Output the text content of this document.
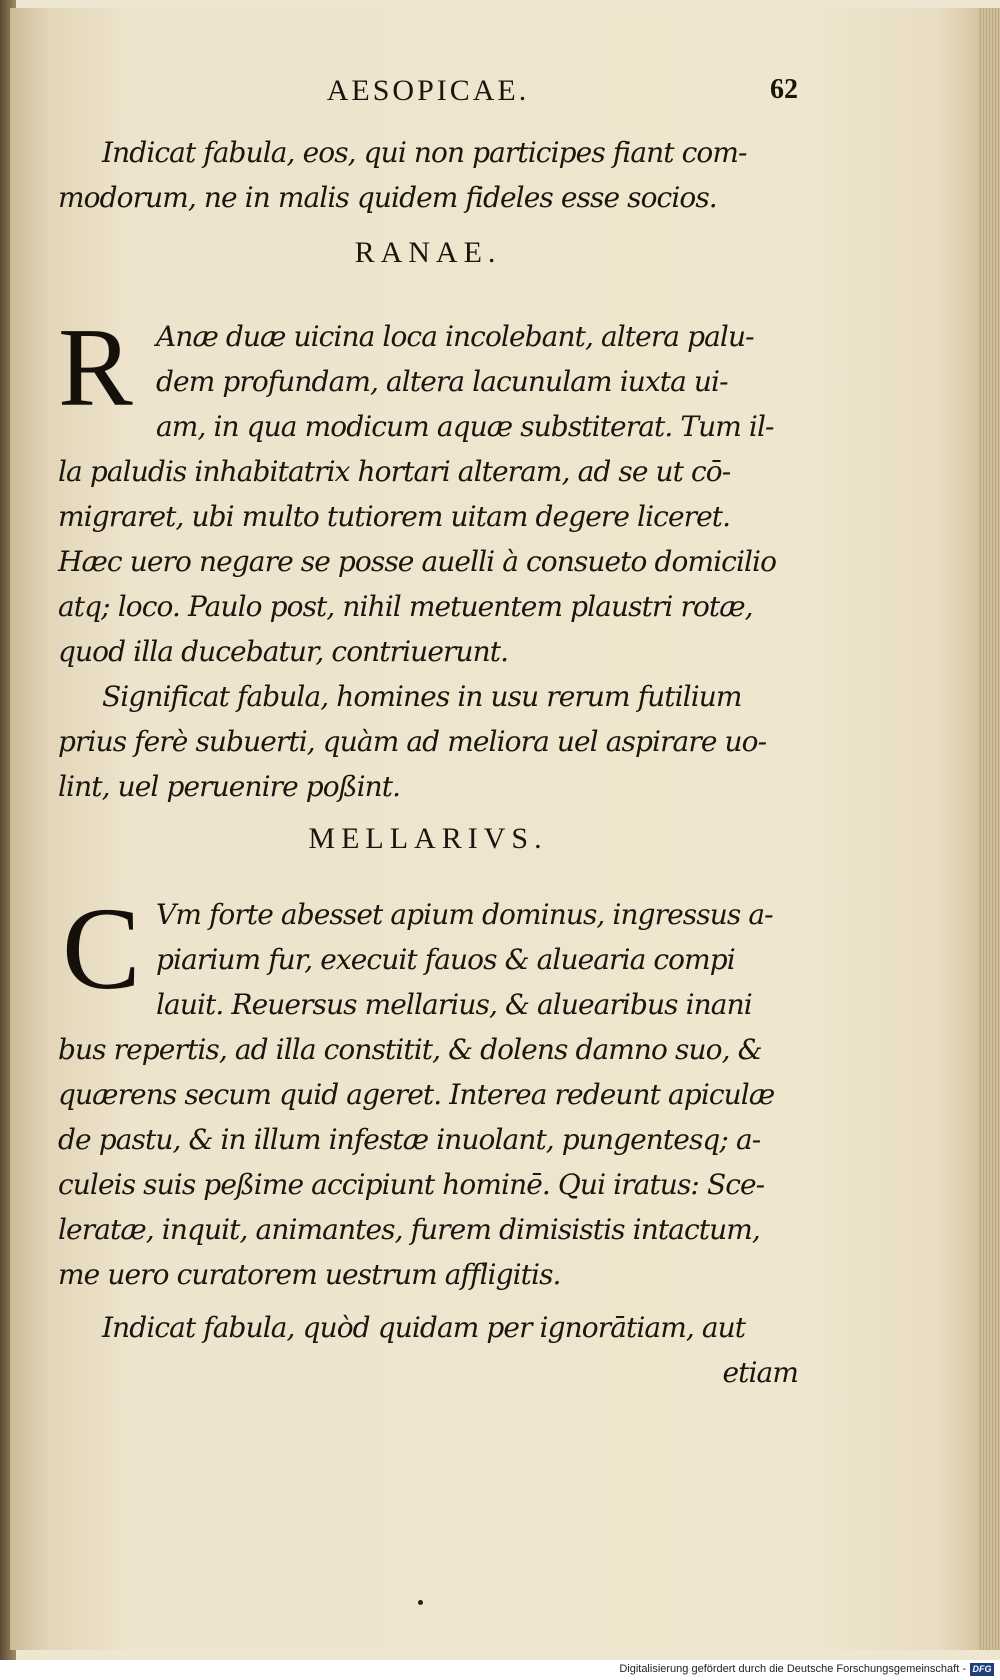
AESOPICAE.	62
Indicat fabula, eos, qui non participes fiant com-
modorum, ne in malis quidem fideles esse socios.
RANAE.
R Anæ duæ uicina loca incolebant, altera palu-
dem profundam, altera lacunulam iuxta ui-
am, in qua modicum aquæ substiterat. Tum il-
la paludis inhabitatrix hortari alteram, ad se ut cō-
migraret, ubi multo tutiorem uitam degere liceret.
Hæc uero negare se posse auelli à consueto domicilio
atq; loco. Paulo post, nihil metuentem plaustri rotæ,
quod illa ducebatur, contriuerunt.
Significat fabula, homines in usu rerum futilium
prius ferè subuerti, quàm ad meliora uel aspirare uo-
lint, uel peruenire poßint.
MELLARIVS.
C Vm forte abesset apium dominus, ingressus a-
piarium fur, execuit fauos & aluearia compi
lauit. Reuersus mellarius, & aluearibus inani
bus repertis, ad illa constitit, & dolens damno suo, &
quærens secum quid ageret. Interea redeunt apiculæ
de pastu, & in illum infestæ inuolant, pungentesq; a-
culeis suis peßime accipiunt hominē. Qui iratus: Sce-
leratæ, inquit, animantes, furem dimisistis intactum,
me uero curatorem uestrum affligitis.
Indicat fabula, quòd quidam per ignorātiam, aut
etiam
Digitalisierung gefördert durch die Deutsche Forschungsgemeinschaft - DFG
